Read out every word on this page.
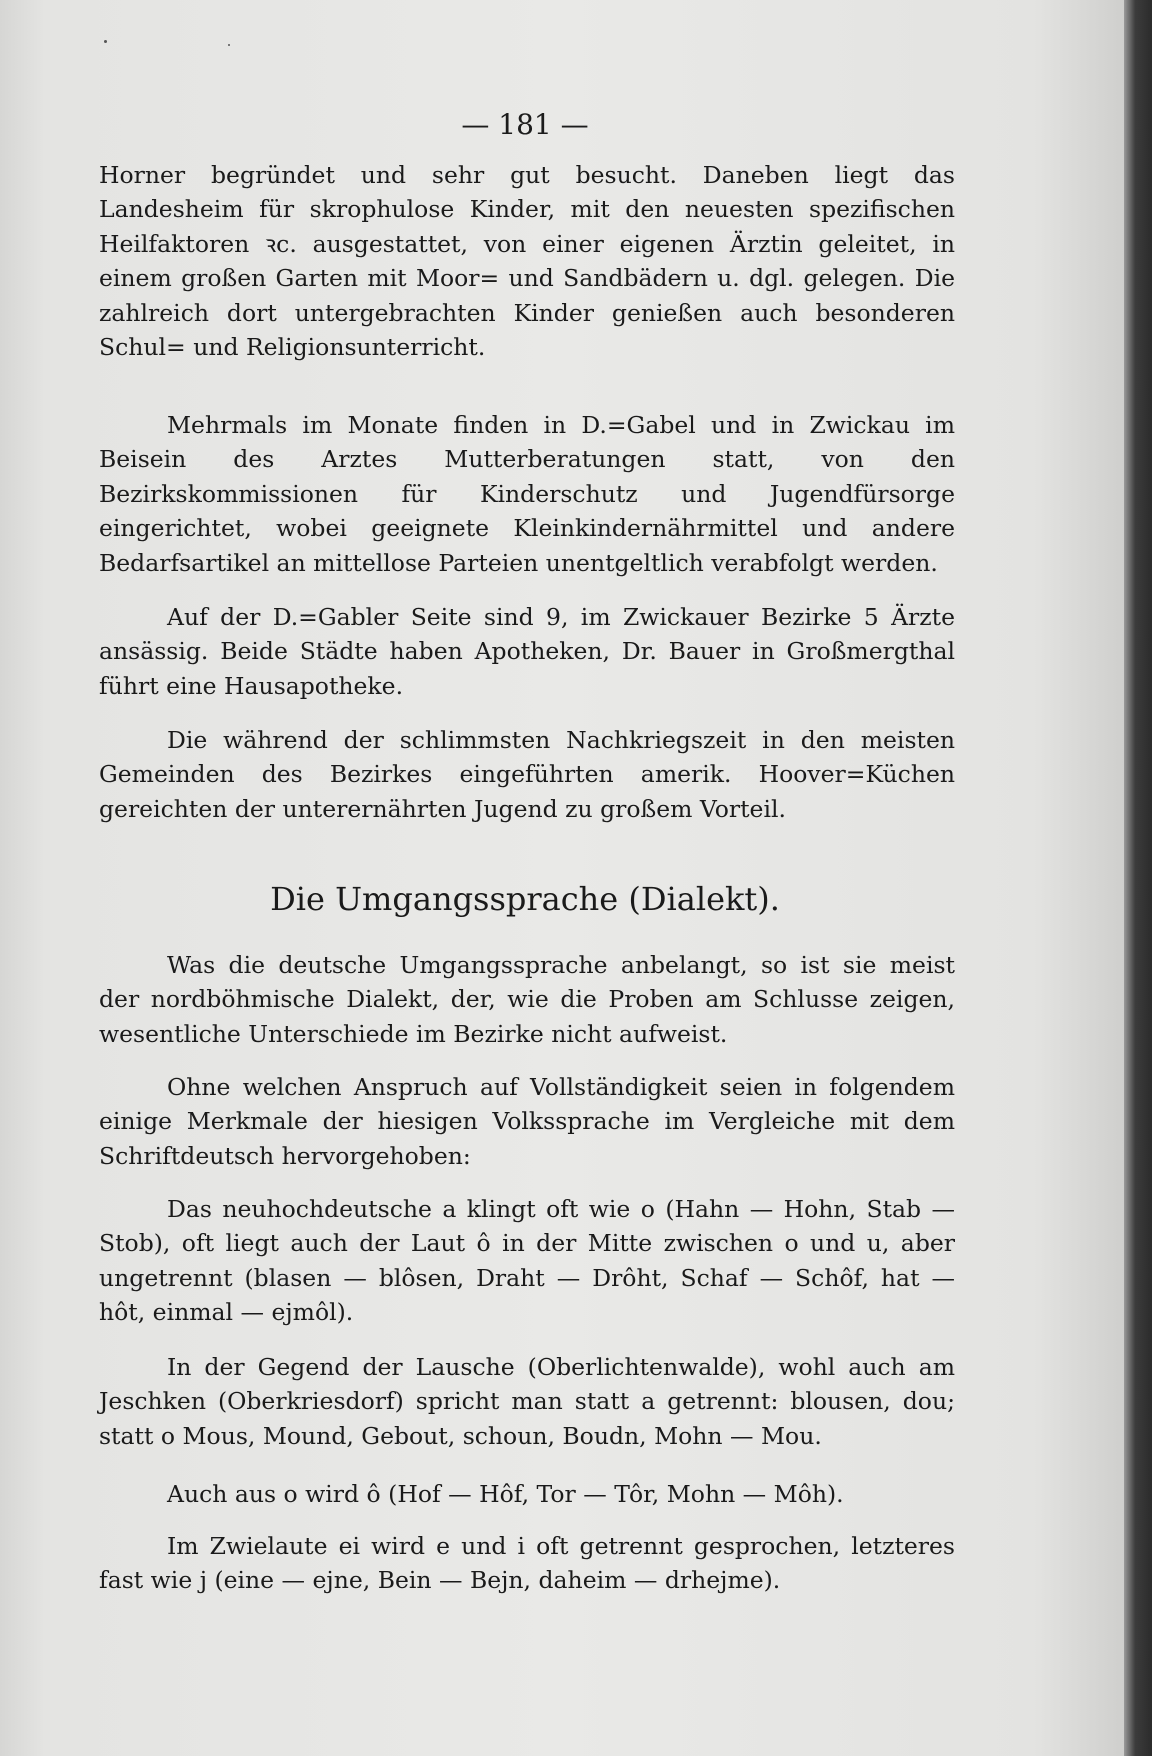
— 181 —

Horner begründet und sehr gut besucht. Daneben liegt das Landesheim für skrophulose Kinder, mit den neuesten spezifischen Heilfaktoren ꝛc. ausgestattet, von einer eigenen Ärztin geleitet, in einem großen Garten mit Moor= und Sandbädern u. dgl. gelegen. Die zahlreich dort untergebrachten Kinder genießen auch besonderen Schul= und Religionsunterricht.

Mehrmals im Monate finden in D.=Gabel und in Zwickau im Beisein des Arztes Mutterberatungen statt, von den Bezirkskommissionen für Kinderschutz und Jugendfürsorge eingerichtet, wobei geeignete Kleinkindernährmittel und andere Bedarfsartikel an mittellose Parteien unentgeltlich verabfolgt werden.

Auf der D.=Gabler Seite sind 9, im Zwickauer Bezirke 5 Ärzte ansässig. Beide Städte haben Apotheken, Dr. Bauer in Großmergthal führt eine Hausapotheke.

Die während der schlimmsten Nachkriegszeit in den meisten Gemeinden des Bezirkes eingeführten amerik. Hoover=Küchen gereichten der unterernährten Jugend zu großem Vorteil.

Die Umgangssprache (Dialekt).

Was die deutsche Umgangssprache anbelangt, so ist sie meist der nordböhmische Dialekt, der, wie die Proben am Schlusse zeigen, wesentliche Unterschiede im Bezirke nicht aufweist.

Ohne welchen Anspruch auf Vollständigkeit seien in folgendem einige Merkmale der hiesigen Volkssprache im Vergleiche mit dem Schriftdeutsch hervorgehoben:

Das neuhochdeutsche a klingt oft wie o (Hahn — Hohn, Stab — Stob), oft liegt auch der Laut ô in der Mitte zwischen o und u, aber ungetrennt (blasen — blôsen, Draht — Drôht, Schaf — Schôf, hat — hôt, einmal — ejmôl).

In der Gegend der Lausche (Oberlichtenwalde), wohl auch am Jeschken (Oberkriesdorf) spricht man statt a getrennt: blousen, dou; statt o Mous, Mound, Gebout, schoun, Boudn, Mohn — Mou.

Auch aus o wird ô (Hof — Hôf, Tor — Tôr, Mohn — Môh).

Im Zwielaute ei wird e und i oft getrennt gesprochen, letzteres fast wie j (eine — ejne, Bein — Bejn, daheim — drhejme).
